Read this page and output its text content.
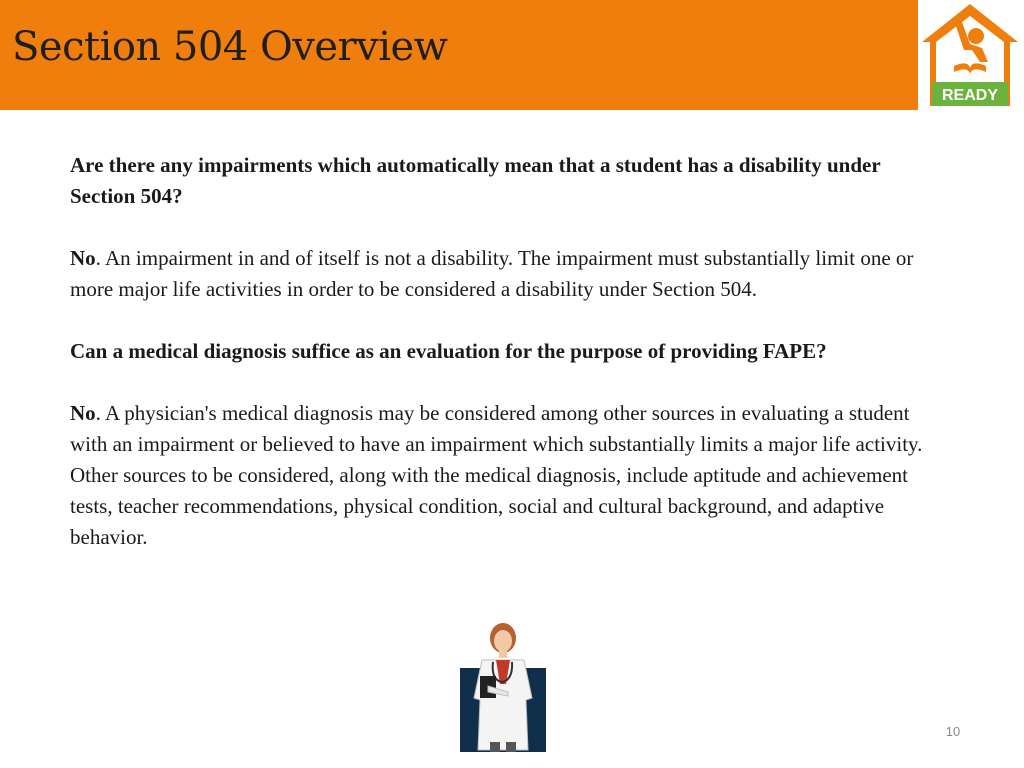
Section 504 Overview
READY

Are there any impairments which automatically mean that a student has a disability under Section 504?

No. An impairment in and of itself is not a disability. The impairment must substantially limit one or more major life activities in order to be considered a disability under Section 504.

Can a medical diagnosis suffice as an evaluation for the purpose of providing FAPE?

No. A physician's medical diagnosis may be considered among other sources in evaluating a student with an impairment or believed to have an impairment which substantially limits a major life activity. Other sources to be considered, along with the medical diagnosis, include aptitude and achievement tests, teacher recommendations, physical condition, social and cultural background, and adaptive behavior.

10
